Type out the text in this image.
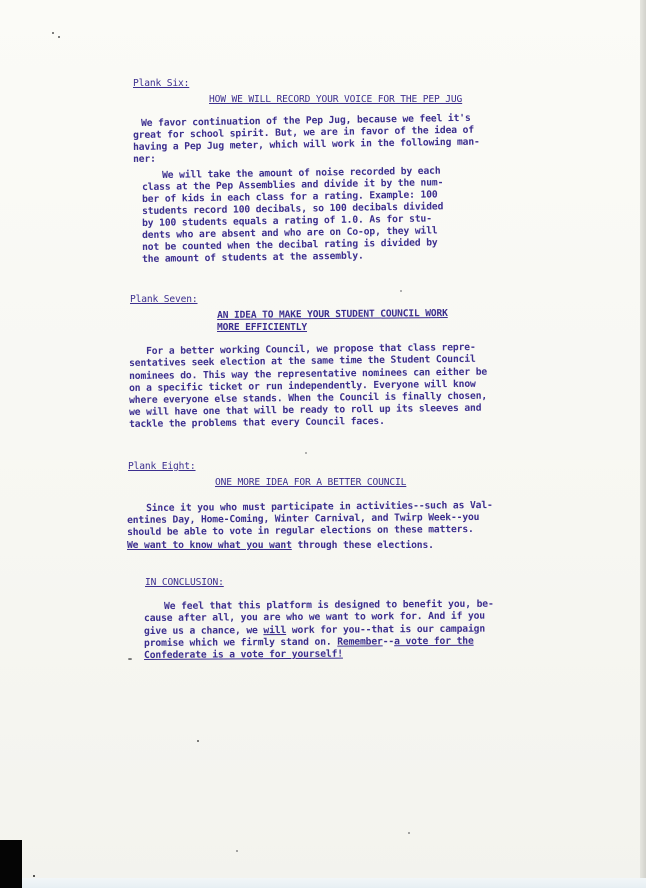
Plank Six:
HOW WE WILL RECORD YOUR VOICE FOR THE PEP JUG
We favor continuation of the Pep Jug, because we feel it's
great for school spirit. But, we are in favor of the idea of
having a Pep Jug meter, which will work in the following man-
ner:
We will take the amount of noise recorded by each
class at the Pep Assemblies and divide it by the num-
ber of kids in each class for a rating. Example: 100
students record 100 decibals, so 100 decibals divided
by 100 students equals a rating of 1.0. As for stu-
dents who are absent and who are on Co-op, they will
not be counted when the decibal rating is divided by
the amount of students at the assembly.
Plank Seven:
AN IDEA TO MAKE YOUR STUDENT COUNCIL WORK
MORE EFFICIENTLY
For a better working Council, we propose that class repre-
sentatives seek election at the same time the Student Council
nominees do. This way the representative nominees can either be
on a specific ticket or run independently. Everyone will know
where everyone else stands. When the Council is finally chosen,
we will have one that will be ready to roll up its sleeves and
tackle the problems that every Council faces.
Plank Eight:
ONE MORE IDEA FOR A BETTER COUNCIL
Since it you who must participate in activities--such as Val-
entines Day, Home-Coming, Winter Carnival, and Twirp Week--you
should be able to vote in regular elections on these matters.
We want to know what you want through these elections.
IN CONCLUSION:
We feel that this platform is designed to benefit you, be-
cause after all, you are who we want to work for. And if you
give us a chance, we will work for you--that is our campaign
promise which we firmly stand on. Remember--a vote for the
Confederate is a vote for yourself!
